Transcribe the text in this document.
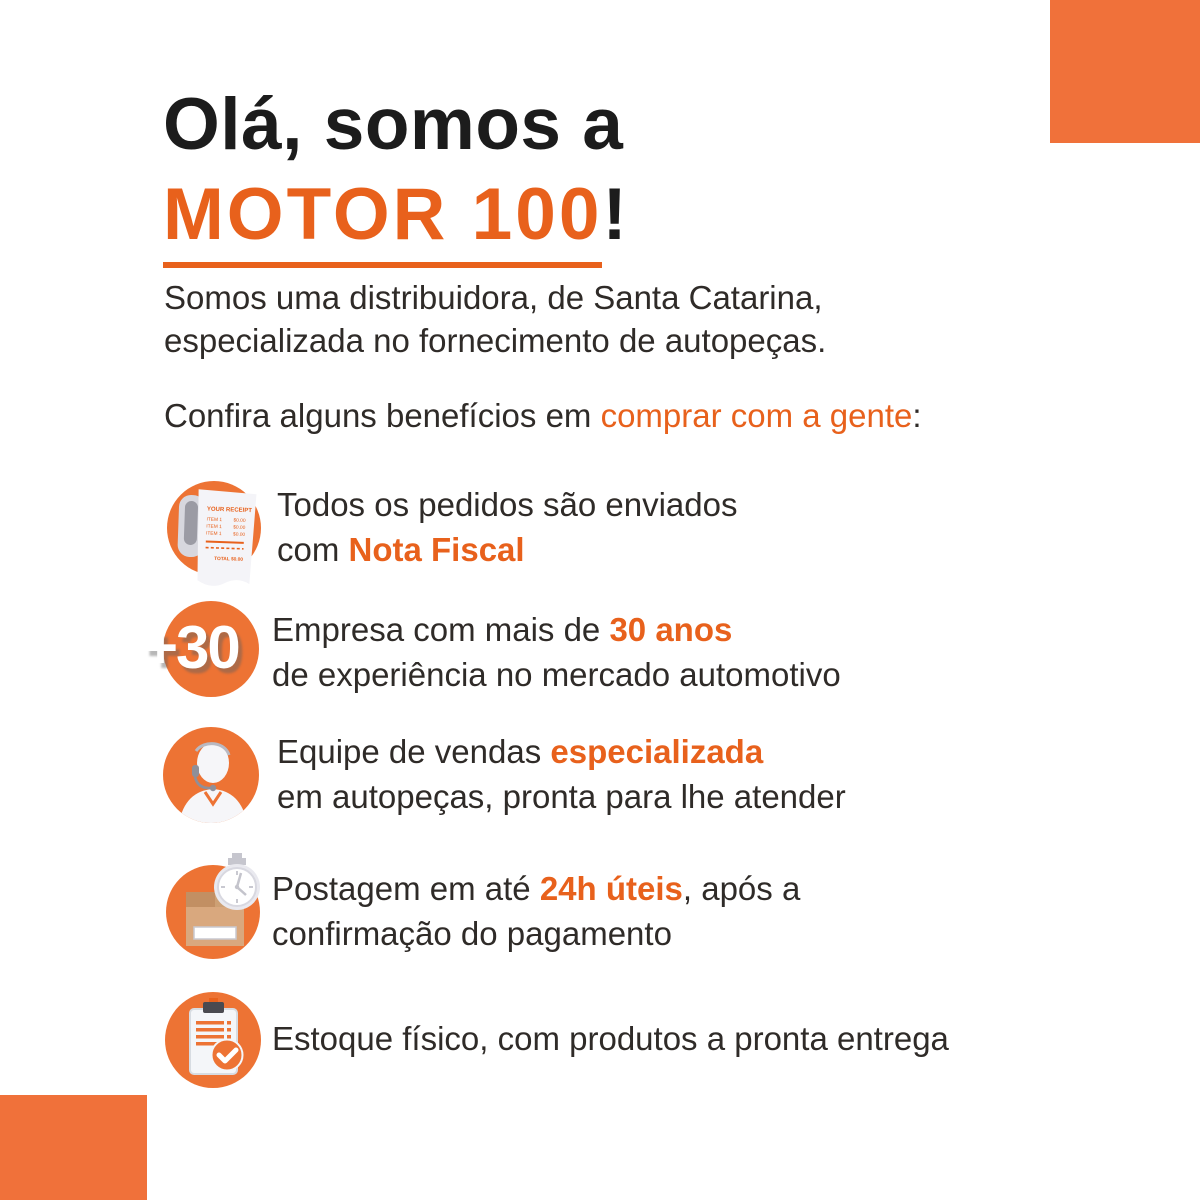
Olá, somos a
MOTOR 100!

Somos uma distribuidora, de Santa Catarina,
especializada no fornecimento de autopeças.

Confira alguns benefícios em comprar com a gente:

YOUR RECEIPT
ITEM 1 $0.00
ITEM 1 $0.00
ITEM 1 $0.00
TOTAL $0.00

Todos os pedidos são enviados
com Nota Fiscal

+30 Empresa com mais de 30 anos
de experiência no mercado automotivo

Equipe de vendas especializada
em autopeças, pronta para lhe atender

Postagem em até 24h úteis, após a
confirmação do pagamento

Estoque físico, com produtos a pronta entrega
